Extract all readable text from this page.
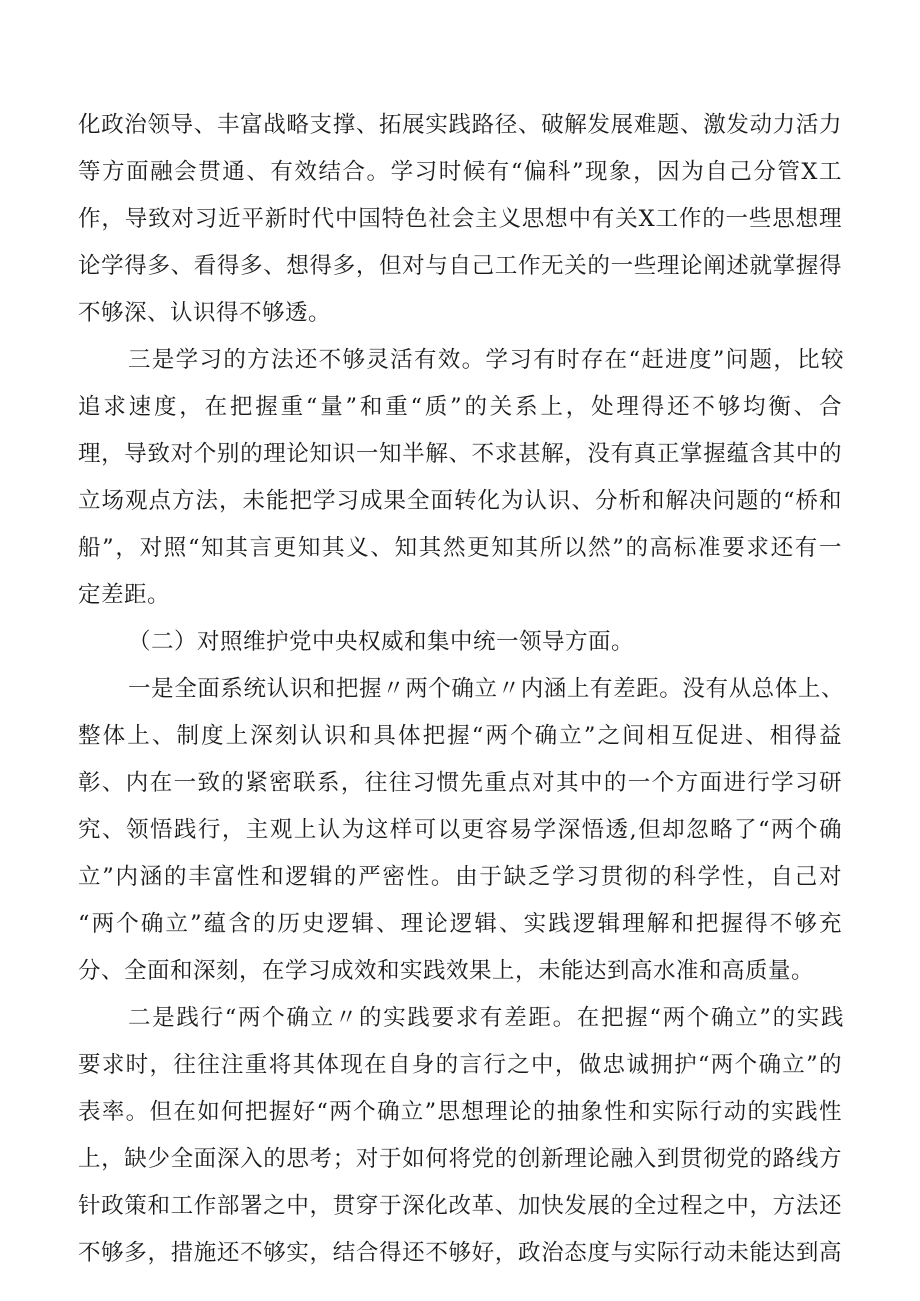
化政治领导、丰富战略支撑、拓展实践路径、破解发展难题、激发动力活力
等方面融会贯通、有效结合。学习时候有“偏科”现象，因为自己分管X工
作，导致对习近平新时代中国特色社会主义思想中有关X工作的一些思想理
论学得多、看得多、想得多，但对与自己工作无关的一些理论阐述就掌握得
不够深、认识得不够透。
三是学习的方法还不够灵活有效。学习有时存在“赶进度”问题，比较
追求速度，在把握重“量”和重“质”的关系上，处理得还不够均衡、合
理，导致对个别的理论知识一知半解、不求甚解，没有真正掌握蕴含其中的
立场观点方法，未能把学习成果全面转化为认识、分析和解决问题的“桥和
船”，对照“知其言更知其义、知其然更知其所以然”的高标准要求还有一
定差距。
（二）对照维护党中央权威和集中统一领导方面。
一是全面系统认识和把握〃两个确立〃内涵上有差距。没有从总体上、
整体上、制度上深刻认识和具体把握“两个确立”之间相互促进、相得益
彰、内在一致的紧密联系，往往习惯先重点对其中的一个方面进行学习研
究、领悟践行，主观上认为这样可以更容易学深悟透,但却忽略了“两个确
立”内涵的丰富性和逻辑的严密性。由于缺乏学习贯彻的科学性，自己对
“两个确立”蕴含的历史逻辑、理论逻辑、实践逻辑理解和把握得不够充
分、全面和深刻，在学习成效和实践效果上，未能达到高水准和高质量。
二是践行“两个确立〃的实践要求有差距。在把握“两个确立”的实践
要求时，往往注重将其体现在自身的言行之中，做忠诚拥护“两个确立”的
表率。但在如何把握好“两个确立”思想理论的抽象性和实际行动的实践性
上，缺少全面深入的思考；对于如何将党的创新理论融入到贯彻党的路线方
针政策和工作部署之中，贯穿于深化改革、加快发展的全过程之中，方法还
不够多，措施还不够实，结合得还不够好，政治态度与实际行动未能达到高
